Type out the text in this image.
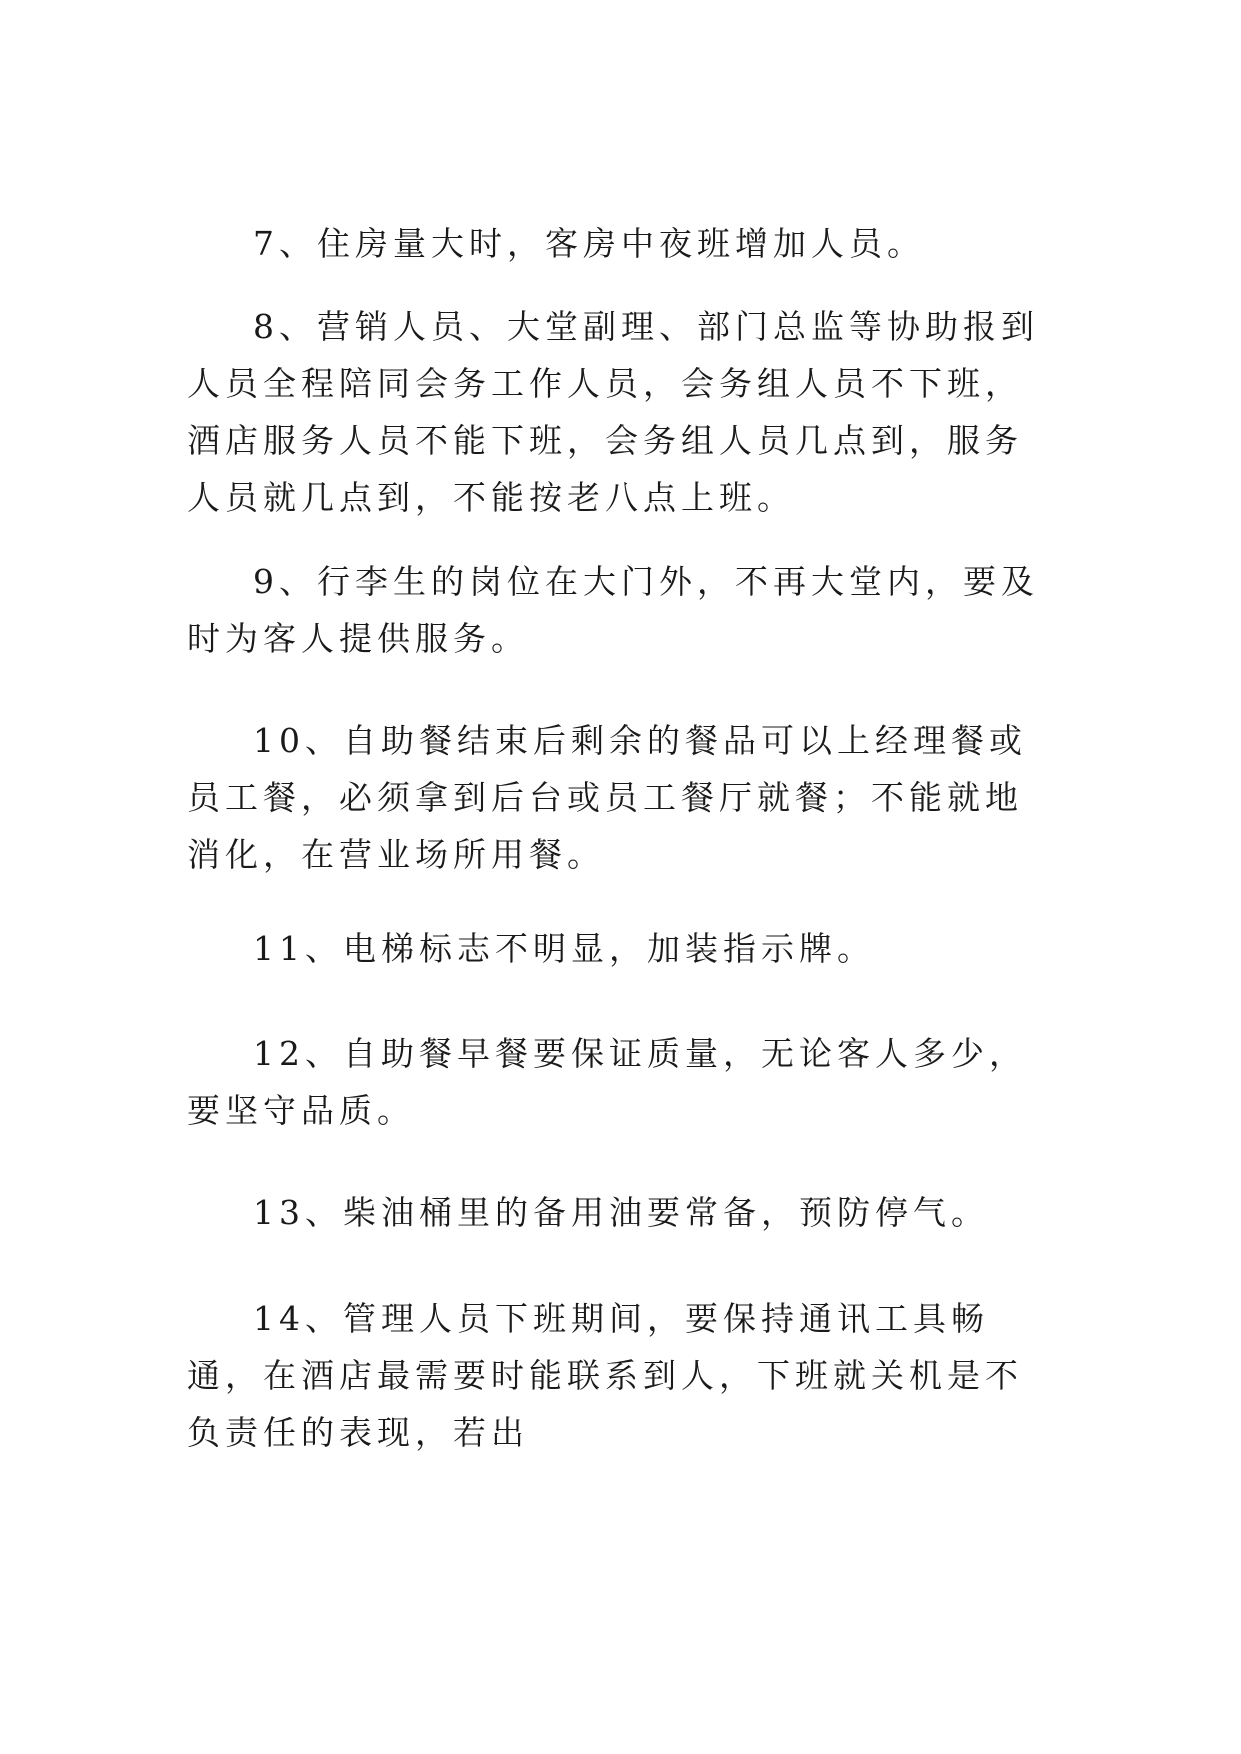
7、住房量大时，客房中夜班增加人员。

8、营销人员、大堂副理、部门总监等协助报到人员全程陪同会务工作人员，会务组人员不下班，酒店服务人员不能下班，会务组人员几点到，服务人员就几点到，不能按老八点上班。

9、行李生的岗位在大门外，不再大堂内，要及时为客人提供服务。

10、自助餐结束后剩余的餐品可以上经理餐或员工餐，必须拿到后台或员工餐厅就餐；不能就地消化，在营业场所用餐。

11、电梯标志不明显，加装指示牌。

12、自助餐早餐要保证质量，无论客人多少，要坚守品质。

13、柴油桶里的备用油要常备，预防停气。

14、管理人员下班期间，要保持通讯工具畅通，在酒店最需要时能联系到人，下班就关机是不负责任的表现，若出
